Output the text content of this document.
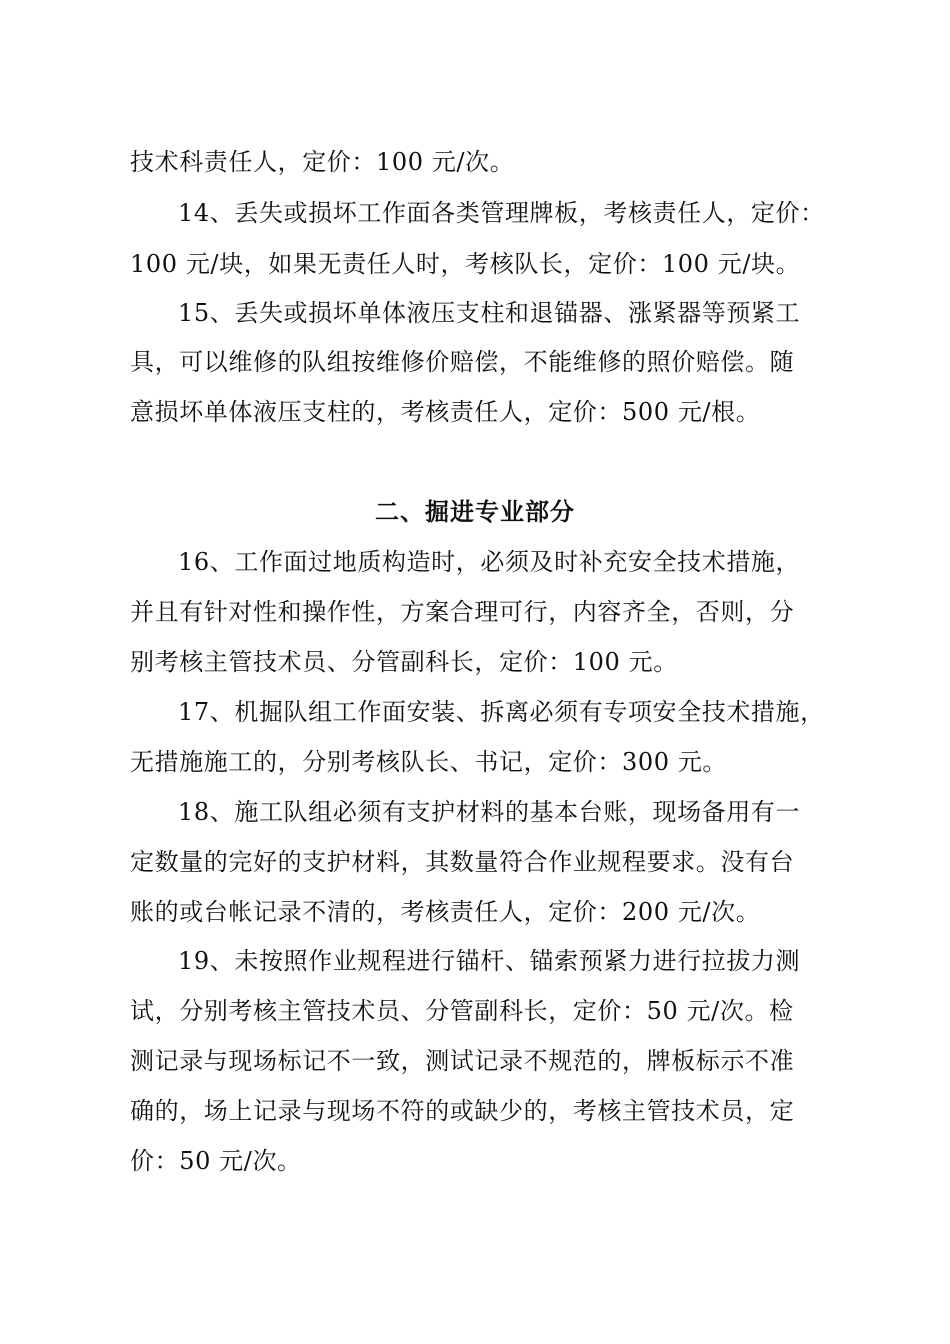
技术科责任人，定价：100 元/次。
14、丢失或损坏工作面各类管理牌板，考核责任人，定价：
100 元/块，如果无责任人时，考核队长，定价：100 元/块。
15、丢失或损坏单体液压支柱和退锚器、涨紧器等预紧工
具，可以维修的队组按维修价赔偿，不能维修的照价赔偿。随
意损坏单体液压支柱的，考核责任人，定价：500 元/根。
二、掘进专业部分
16、工作面过地质构造时，必须及时补充安全技术措施，
并且有针对性和操作性，方案合理可行，内容齐全，否则，分
别考核主管技术员、分管副科长，定价：100 元。
17、机掘队组工作面安装、拆离必须有专项安全技术措施，
无措施施工的，分别考核队长、书记，定价：300 元。
18、施工队组必须有支护材料的基本台账，现场备用有一
定数量的完好的支护材料，其数量符合作业规程要求。没有台
账的或台帐记录不清的，考核责任人，定价：200 元/次。
19、未按照作业规程进行锚杆、锚索预紧力进行拉拔力测
试，分别考核主管技术员、分管副科长，定价：50 元/次。检
测记录与现场标记不一致，测试记录不规范的，牌板标示不准
确的，场上记录与现场不符的或缺少的，考核主管技术员，定
价：50 元/次。
